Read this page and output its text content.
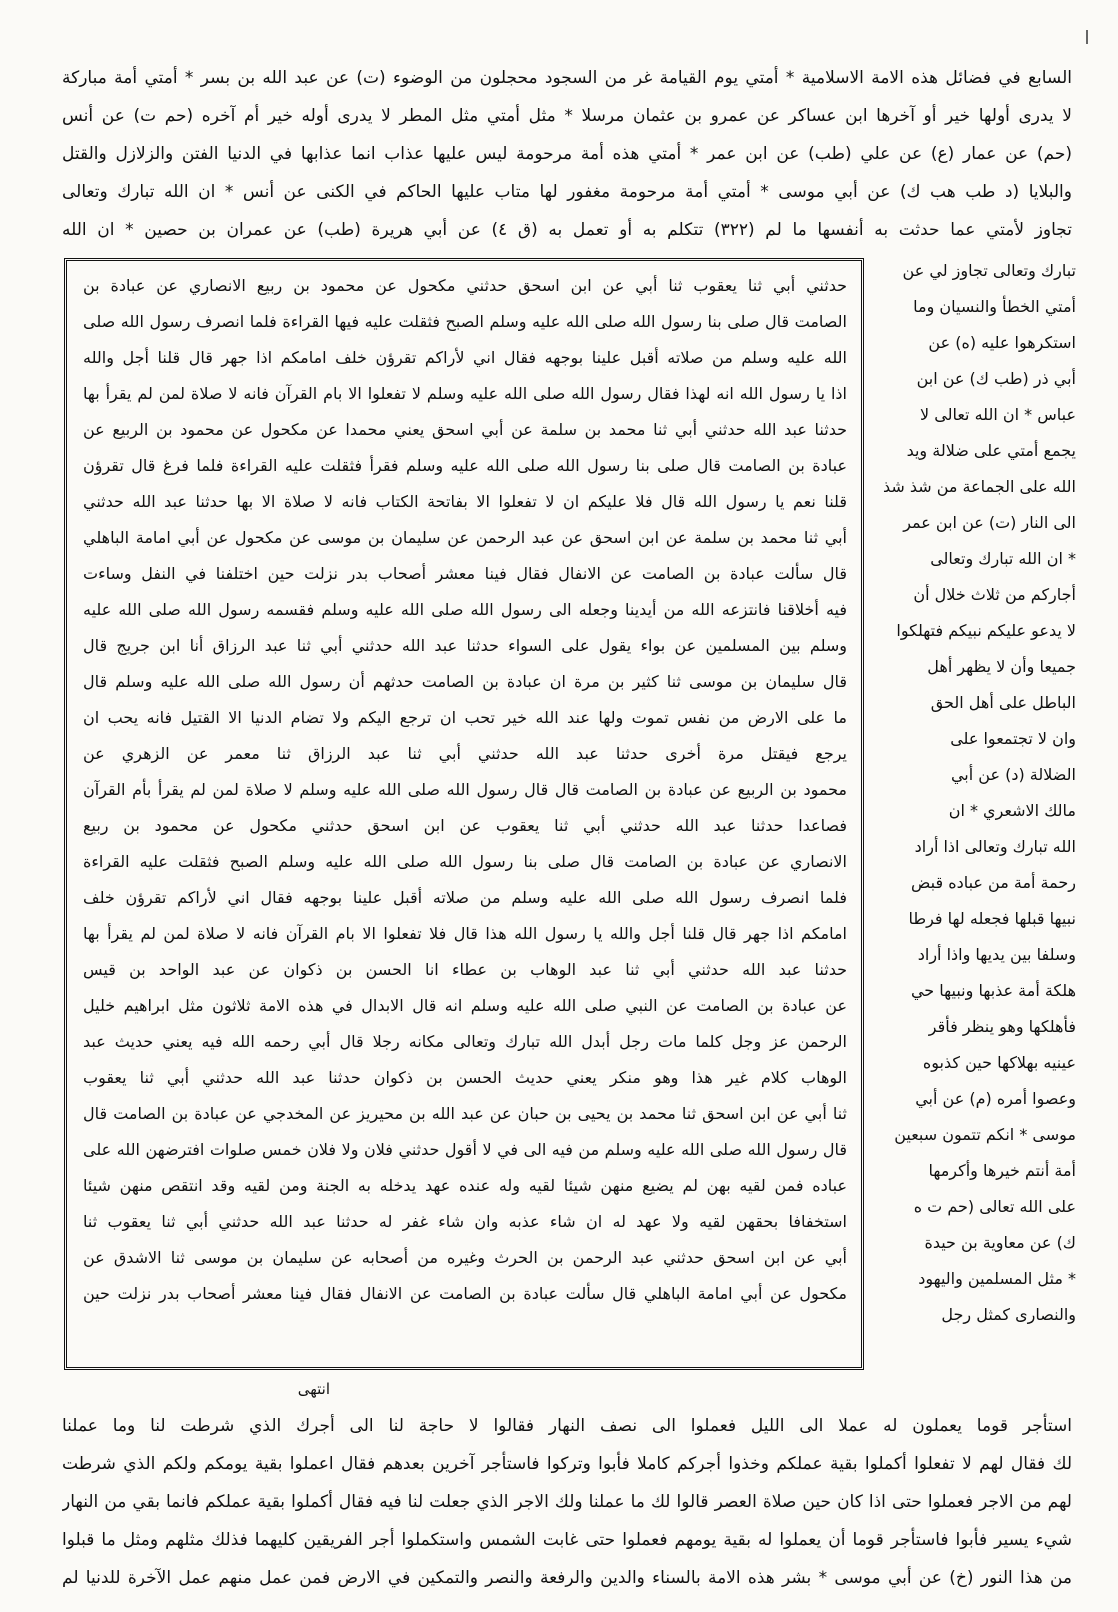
السابع في فضائل هذه الامة الاسلامية * أمتي يوم القيامة غر من السجود محجلون من الوضوء (ت) عن عبد الله بن بسر * أمتي أمة مباركة
لا يدرى أولها خير أو آخرها ابن عساكر عن عمرو بن عثمان مرسلا * مثل أمتي مثل المطر لا يدرى أوله خير أم آخره (حم ت) عن أنس
(حم) عن عمار (ع) عن علي (طب) عن ابن عمر * أمتي هذه أمة مرحومة ليس عليها عذاب انما عذابها في الدنيا الفتن والزلازل والقتل
والبلايا (د طب هب ك) عن أبي موسى * أمتي أمة مرحومة مغفور لها متاب عليها الحاكم في الكنى عن أنس * ان الله تبارك وتعالى
تجاوز لأمتي عما حدثت به أنفسها ما لم (٣٢٢) تتكلم به أو تعمل به (ق ٤) عن أبي هريرة (طب) عن عمران بن حصين * ان الله
حدثني أبي ثنا يعقوب ثنا أبي عن ابن اسحق حدثني مكحول عن محمود بن ربيع الانصاري عن عبادة بن
الصامت قال صلى بنا رسول الله صلى الله عليه وسلم الصبح فثقلت عليه فيها القراءة فلما انصرف رسول الله صلى
الله عليه وسلم من صلاته أقبل علينا بوجهه فقال اني لأراكم تقرؤن خلف امامكم اذا جهر قال قلنا أجل والله
اذا يا رسول الله انه لهذا فقال رسول الله صلى الله عليه وسلم لا تفعلوا الا بام القرآن فانه لا صلاة لمن لم يقرأ بها
حدثنا عبد الله حدثني أبي ثنا محمد بن سلمة عن أبي اسحق يعني محمدا عن مكحول عن محمود بن الربيع عن
عبادة بن الصامت قال صلى بنا رسول الله صلى الله عليه وسلم فقرأ فثقلت عليه القراءة فلما فرغ قال تقرؤن
قلنا نعم يا رسول الله قال فلا عليكم ان لا تفعلوا الا بفاتحة الكتاب فانه لا صلاة الا بها حدثنا عبد الله حدثني
أبي ثنا محمد بن سلمة عن ابن اسحق عن عبد الرحمن عن سليمان بن موسى عن مكحول عن أبي امامة الباهلي
قال سألت عبادة بن الصامت عن الانفال فقال فينا معشر أصحاب بدر نزلت حين اختلفنا في النفل وساءت
فيه أخلاقنا فانتزعه الله من أيدينا وجعله الى رسول الله صلى الله عليه وسلم فقسمه رسول الله صلى الله عليه
وسلم بين المسلمين عن بواء يقول على السواء حدثنا عبد الله حدثني أبي ثنا عبد الرزاق أنا ابن جريج قال
قال سليمان بن موسى ثنا كثير بن مرة ان عبادة بن الصامت حدثهم أن رسول الله صلى الله عليه وسلم قال
ما على الارض من نفس تموت ولها عند الله خير تحب ان ترجع اليكم ولا تضام الدنيا الا القتيل فانه يحب ان
يرجع فيقتل مرة أخرى حدثنا عبد الله حدثني أبي ثنا عبد الرزاق ثنا معمر عن الزهري عن
محمود بن الربيع عن عبادة بن الصامت قال قال رسول الله صلى الله عليه وسلم لا صلاة لمن لم يقرأ بأم القرآن
فصاعدا حدثنا عبد الله حدثني أبي ثنا يعقوب عن ابن اسحق حدثني مكحول عن محمود بن ربيع
الانصاري عن عبادة بن الصامت قال صلى بنا رسول الله صلى الله عليه وسلم الصبح فثقلت عليه القراءة
فلما انصرف رسول الله صلى الله عليه وسلم من صلاته أقبل علينا بوجهه فقال اني لأراكم تقرؤن خلف
امامكم اذا جهر قال قلنا أجل والله يا رسول الله هذا قال فلا تفعلوا الا بام القرآن فانه لا صلاة لمن لم يقرأ بها
حدثنا عبد الله حدثني أبي ثنا عبد الوهاب بن عطاء انا الحسن بن ذكوان عن عبد الواحد بن قيس
عن عبادة بن الصامت عن النبي صلى الله عليه وسلم انه قال الابدال في هذه الامة ثلاثون مثل ابراهيم خليل
الرحمن عز وجل كلما مات رجل أبدل الله تبارك وتعالى مكانه رجلا قال أبي رحمه الله فيه يعني حديث عبد
الوهاب كلام غير هذا وهو منكر يعني حديث الحسن بن ذكوان حدثنا عبد الله حدثني أبي ثنا يعقوب
ثنا أبي عن ابن اسحق ثنا محمد بن يحيى بن حبان عن عبد الله بن محيريز عن المخدجي عن عبادة بن الصامت قال
قال رسول الله صلى الله عليه وسلم من فيه الى في لا أقول حدثني فلان ولا فلان خمس صلوات افترضهن الله على
عباده فمن لقيه بهن لم يضيع منهن شيئا لقيه وله عنده عهد يدخله به الجنة ومن لقيه وقد انتقص منهن شيئا
استخفافا بحقهن لقيه ولا عهد له ان شاء عذبه وان شاء غفر له حدثنا عبد الله حدثني أبي ثنا يعقوب ثنا
أبي عن ابن اسحق حدثني عبد الرحمن بن الحرث وغيره من أصحابه عن سليمان بن موسى ثنا الاشدق عن
مكحول عن أبي امامة الباهلي قال سألت عبادة بن الصامت عن الانفال فقال فينا معشر أصحاب بدر نزلت حين
تبارك وتعالى تجاوز لي عن
أمتي الخطأ والنسيان وما
استكرهوا عليه (ه) عن
أبي ذر (طب ك) عن ابن
عباس * ان الله تعالى لا
يجمع أمتي على ضلالة ويد
الله على الجماعة من شذ شذ
الى النار (ت) عن ابن عمر
* ان الله تبارك وتعالى
أجاركم من ثلاث خلال أن
لا يدعو عليكم نبيكم فتهلكوا
جميعا وأن لا يظهر أهل
الباطل على أهل الحق
وان لا تجتمعوا على
الضلالة (د) عن أبي
مالك الاشعري * ان
الله تبارك وتعالى اذا أراد
رحمة أمة من عباده قبض
نبيها قبلها فجعله لها فرطا
وسلفا بين يديها واذا أراد
هلكة أمة عذبها ونبيها حي
فأهلكها وهو ينظر فأقر
عينيه بهلاكها حين كذبوه
وعصوا أمره (م) عن أبي
موسى * انكم تتمون سبعين
أمة أنتم خيرها وأكرمها
على الله تعالى (حم ت ه
ك) عن معاوية بن حيدة
* مثل المسلمين واليهود
والنصارى كمثل رجل
انتهى
استأجر قوما يعملون له عملا الى الليل فعملوا الى نصف النهار فقالوا لا حاجة لنا الى أجرك الذي شرطت لنا وما عملنا
لك فقال لهم لا تفعلوا أكملوا بقية عملكم وخذوا أجركم كاملا فأبوا وتركوا فاستأجر آخرين بعدهم فقال اعملوا بقية يومكم ولكم الذي شرطت
لهم من الاجر فعملوا حتى اذا كان حين صلاة العصر قالوا لك ما عملنا ولك الاجر الذي جعلت لنا فيه فقال أكملوا بقية عملكم فانما بقي من النهار
شيء يسير فأبوا فاستأجر قوما أن يعملوا له بقية يومهم فعملوا حتى غابت الشمس واستكملوا أجر الفريقين كليهما فذلك مثلهم ومثل ما قبلوا
من هذا النور (خ) عن أبي موسى * بشر هذه الامة بالسناء والدين والرفعة والنصر والتمكين في الارض فمن عمل منهم عمل الآخرة للدنيا لم
